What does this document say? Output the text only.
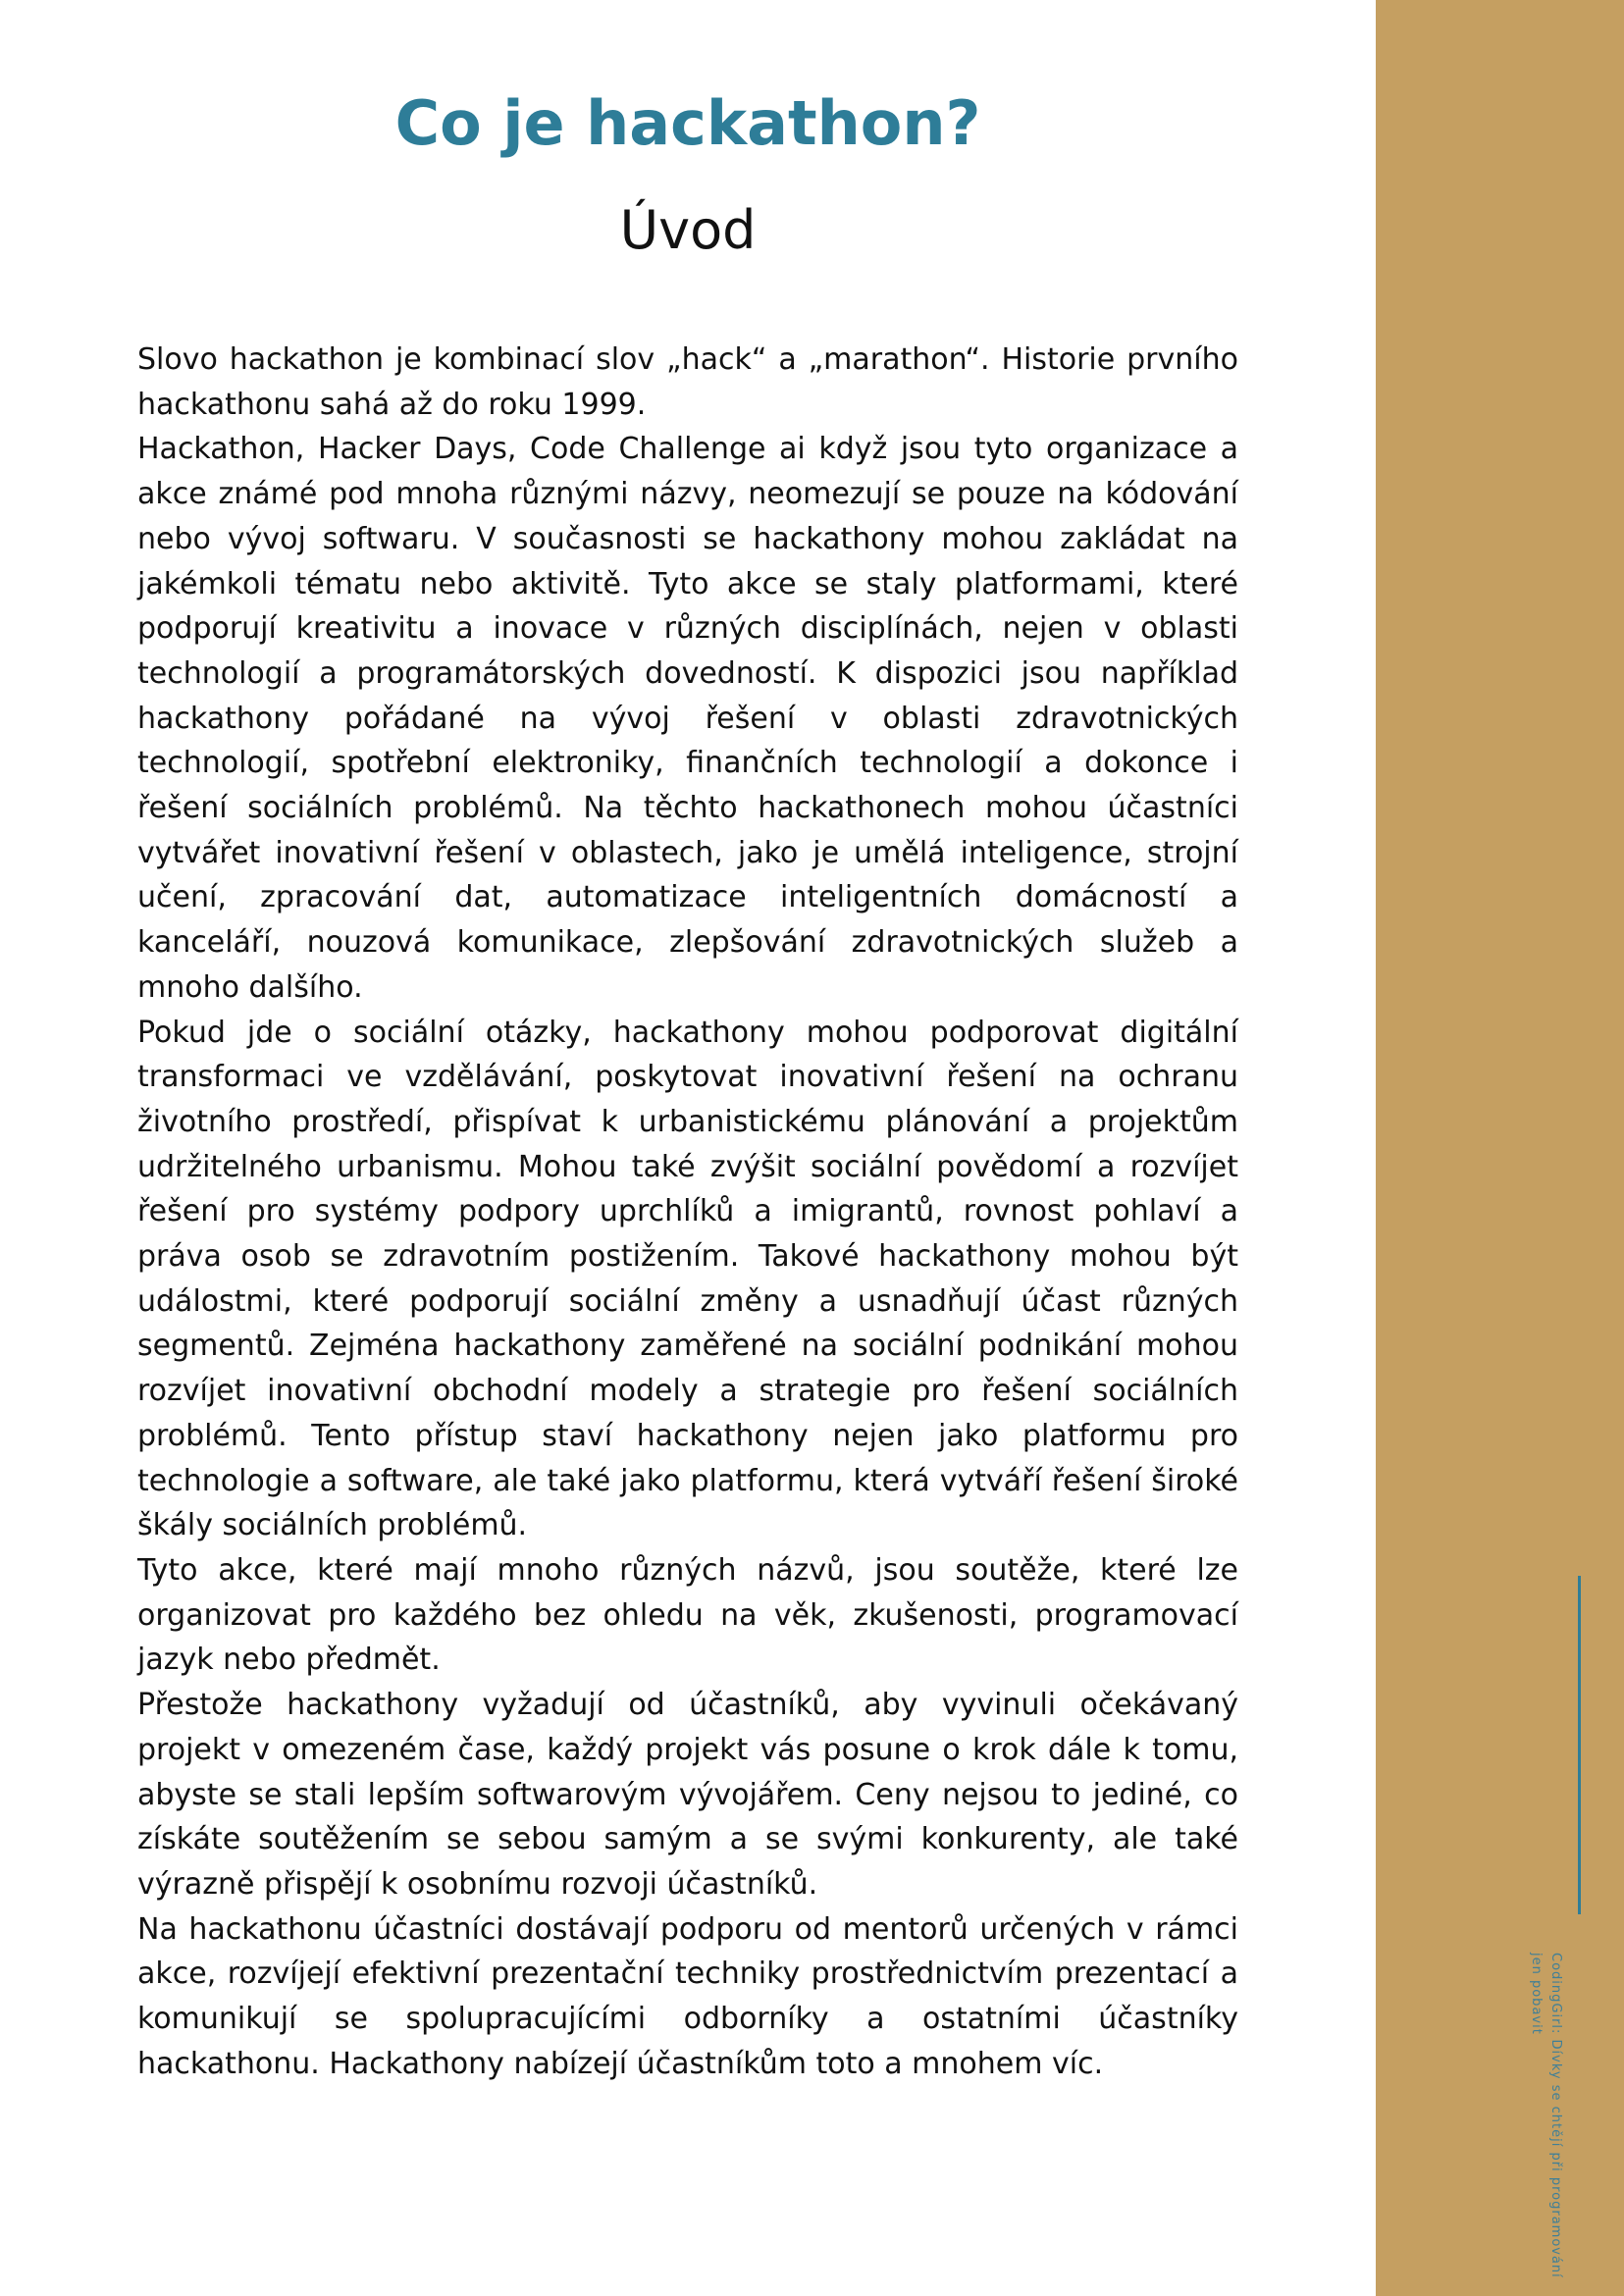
Co je hackathon?
Úvod

Slovo hackathon je kombinací slov „hack“ a „marathon“. Historie prvního hackathonu sahá až do roku 1999.

Hackathon, Hacker Days, Code Challenge ai když jsou tyto organizace a akce známé pod mnoha různými názvy, neomezují se pouze na kódování nebo vývoj softwaru. V současnosti se hackathony mohou zakládat na jakémkoli tématu nebo aktivitě. Tyto akce se staly platformami, které podporují kreativitu a inovace v různých disciplínách, nejen v oblasti technologií a programátorských dovedností. K dispozici jsou například hackathony pořádané na vývoj řešení v oblasti zdravotnických technologií, spotřební elektroniky, finančních technologií a dokonce i řešení sociálních problémů. Na těchto hackathonech mohou účastníci vytvářet inovativní řešení v oblastech, jako je umělá inteligence, strojní učení, zpracování dat, automatizace inteligentních domácností a kanceláří, nouzová komunikace, zlepšování zdravotnických služeb a mnoho dalšího.

Pokud jde o sociální otázky, hackathony mohou podporovat digitální transformaci ve vzdělávání, poskytovat inovativní řešení na ochranu životního prostředí, přispívat k urbanistickému plánování a projektům udržitelného urbanismu. Mohou také zvýšit sociální povědomí a rozvíjet řešení pro systémy podpory uprchlíků a imigrantů, rovnost pohlaví a práva osob se zdravotním postižením. Takové hackathony mohou být událostmi, které podporují sociální změny a usnadňují účast různých segmentů. Zejména hackathony zaměřené na sociální podnikání mohou rozvíjet inovativní obchodní modely a strategie pro řešení sociálních problémů. Tento přístup staví hackathony nejen jako platformu pro technologie a software, ale také jako platformu, která vytváří řešení široké škály sociálních problémů.

Tyto akce, které mají mnoho různých názvů, jsou soutěže, které lze organizovat pro každého bez ohledu na věk, zkušenosti, programovací jazyk nebo předmět.

Přestože hackathony vyžadují od účastníků, aby vyvinuli očekávaný projekt v omezeném čase, každý projekt vás posune o krok dále k tomu, abyste se stali lepším softwarovým vývojářem. Ceny nejsou to jediné, co získáte soutěžením se sebou samým a se svými konkurenty, ale také výrazně přispějí k osobnímu rozvoji účastníků.

Na hackathonu účastníci dostávají podporu od mentorů určených v rámci akce, rozvíjejí efektivní prezentační techniky prostřednictvím prezentací a komunikují se spolupracujícími odborníky a ostatními účastníky hackathonu. Hackathony nabízejí účastníkům toto a mnohem víc.	CodingGirl: Dívky se chtějí při programování jen pobavit
